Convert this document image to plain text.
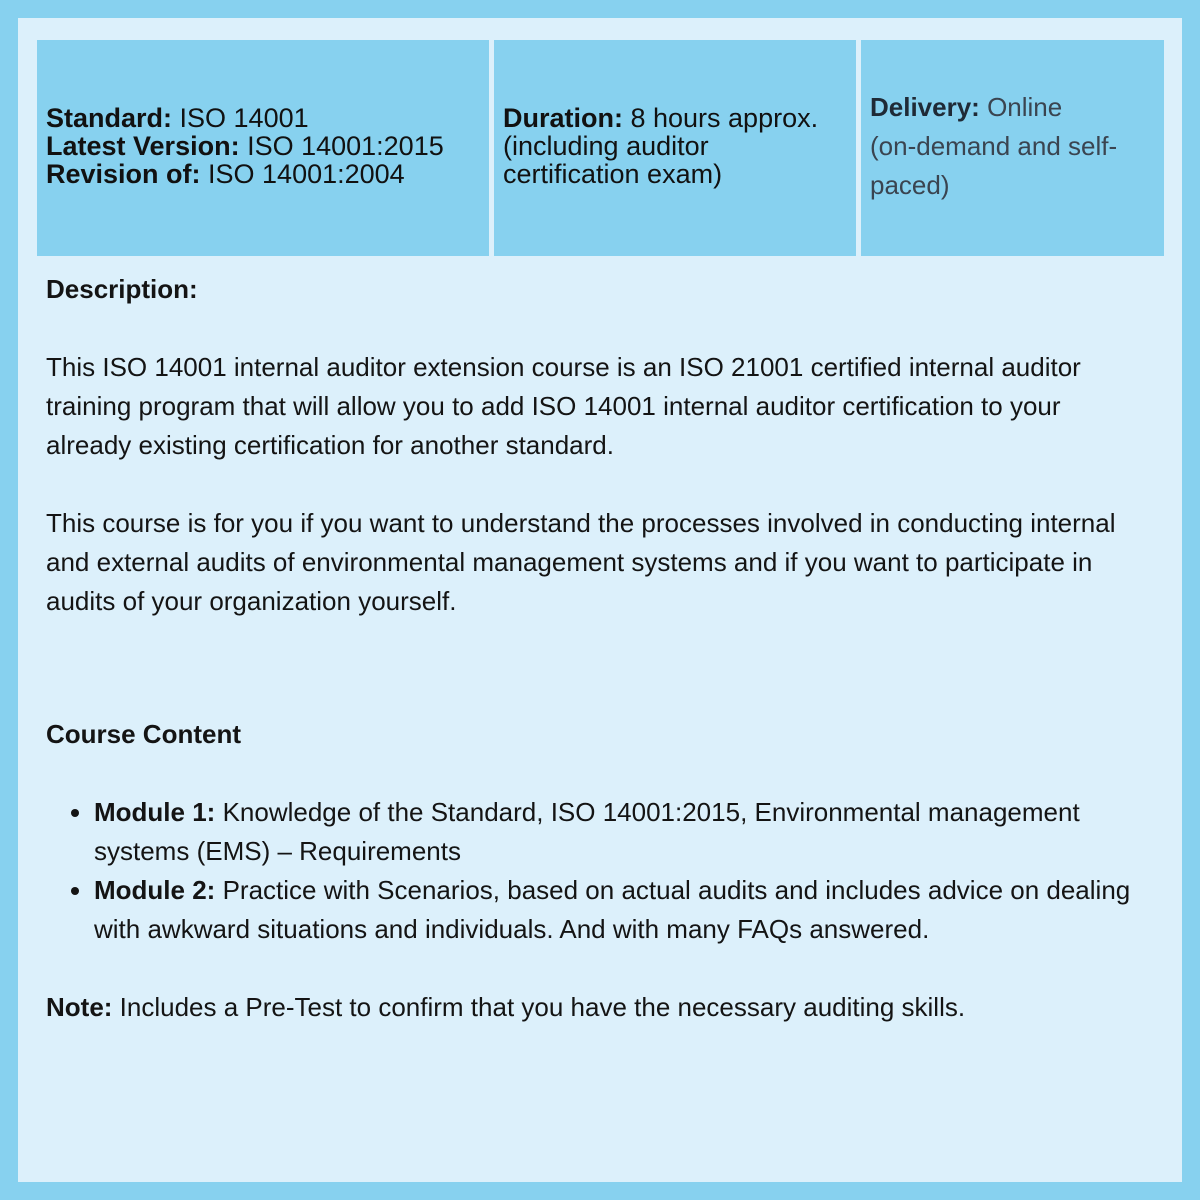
Standard: ISO 14001
Latest Version: ISO 14001:2015
Revision of: ISO 14001:2004
Duration: 8 hours approx.
(including auditor
certification exam)
Delivery: Online
(on-demand and self-
paced)

Description:

This ISO 14001 internal auditor extension course is an ISO 21001 certified internal auditor training program that will allow you to add ISO 14001 internal auditor certification to your already existing certification for another standard.

This course is for you if you want to understand the processes involved in conducting internal and external audits of environmental management systems and if you want to participate in audits of your organization yourself.

Course Content
• Module 1: Knowledge of the Standard, ISO 14001:2015, Environmental management systems (EMS) – Requirements
• Module 2: Practice with Scenarios, based on actual audits and includes advice on dealing with awkward situations and individuals. And with many FAQs answered.

Note: Includes a Pre-Test to confirm that you have the necessary auditing skills.
